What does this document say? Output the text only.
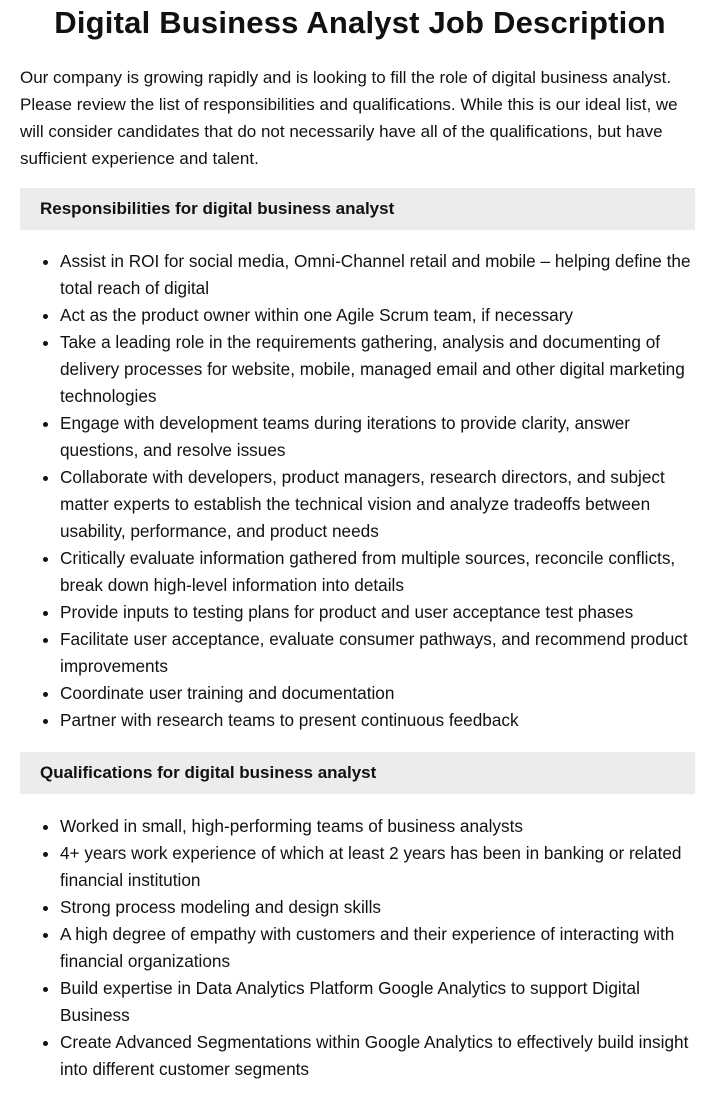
Digital Business Analyst Job Description

Our company is growing rapidly and is looking to fill the role of digital business analyst. Please review the list of responsibilities and qualifications. While this is our ideal list, we will consider candidates that do not necessarily have all of the qualifications, but have sufficient experience and talent.

Responsibilities for digital business analyst
• Assist in ROI for social media, Omni-Channel retail and mobile – helping define the total reach of digital
• Act as the product owner within one Agile Scrum team, if necessary
• Take a leading role in the requirements gathering, analysis and documenting of delivery processes for website, mobile, managed email and other digital marketing technologies
• Engage with development teams during iterations to provide clarity, answer questions, and resolve issues
• Collaborate with developers, product managers, research directors, and subject matter experts to establish the technical vision and analyze tradeoffs between usability, performance, and product needs
• Critically evaluate information gathered from multiple sources, reconcile conflicts, break down high-level information into details
• Provide inputs to testing plans for product and user acceptance test phases
• Facilitate user acceptance, evaluate consumer pathways, and recommend product improvements
• Coordinate user training and documentation
• Partner with research teams to present continuous feedback
Qualifications for digital business analyst
• Worked in small, high-performing teams of business analysts
• 4+ years work experience of which at least 2 years has been in banking or related financial institution
• Strong process modeling and design skills
• A high degree of empathy with customers and their experience of interacting with financial organizations
• Build expertise in Data Analytics Platform Google Analytics to support Digital Business
• Create Advanced Segmentations within Google Analytics to effectively build insight into different customer segments
